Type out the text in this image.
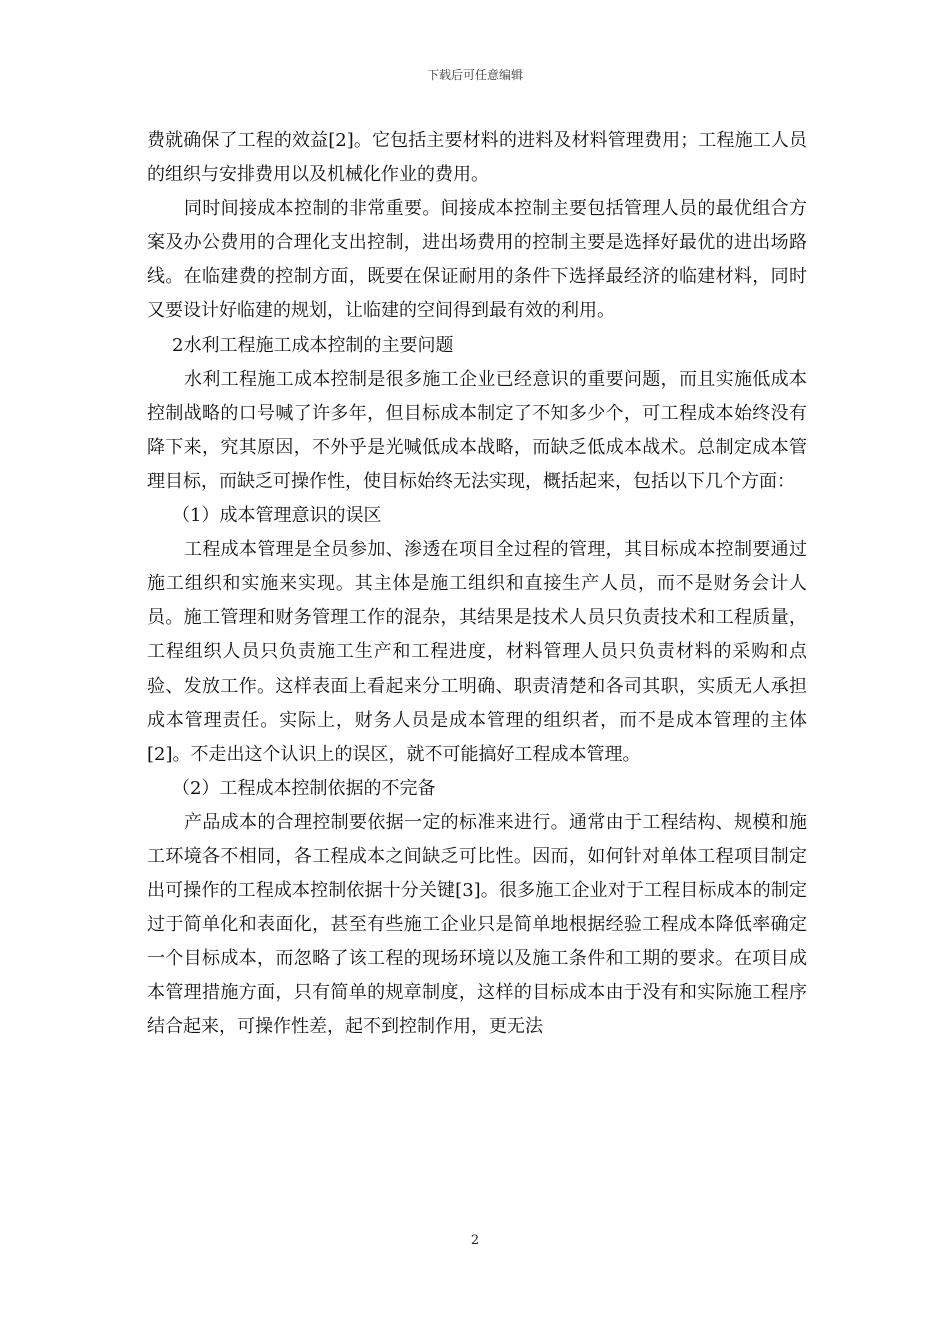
下载后可任意编辑

费就确保了工程的效益[2]。它包括主要材料的进料及材料管理费用；工程施工人员的组织与安排费用以及机械化作业的费用。

同时间接成本控制的非常重要。间接成本控制主要包括管理人员的最优组合方案及办公费用的合理化支出控制，进出场费用的控制主要是选择好最优的进出场路线。在临建费的控制方面，既要在保证耐用的条件下选择最经济的临建材料，同时又要设计好临建的规划，让临建的空间得到最有效的利用。

2水利工程施工成本控制的主要问题

水利工程施工成本控制是很多施工企业已经意识的重要问题，而且实施低成本控制战略的口号喊了许多年，但目标成本制定了不知多少个，可工程成本始终没有降下来，究其原因，不外乎是光喊低成本战略，而缺乏低成本战术。总制定成本管理目标，而缺乏可操作性，使目标始终无法实现，概括起来，包括以下几个方面：

（1）成本管理意识的误区

工程成本管理是全员参加、渗透在项目全过程的管理，其目标成本控制要通过施工组织和实施来实现。其主体是施工组织和直接生产人员，而不是财务会计人员。施工管理和财务管理工作的混杂，其结果是技术人员只负责技术和工程质量，工程组织人员只负责施工生产和工程进度，材料管理人员只负责材料的采购和点验、发放工作。这样表面上看起来分工明确、职责清楚和各司其职，实质无人承担成本管理责任。实际上，财务人员是成本管理的组织者，而不是成本管理的主体[2]。不走出这个认识上的误区，就不可能搞好工程成本管理。

（2）工程成本控制依据的不完备

产品成本的合理控制要依据一定的标准来进行。通常由于工程结构、规模和施工环境各不相同，各工程成本之间缺乏可比性。因而，如何针对单体工程项目制定出可操作的工程成本控制依据十分关键[3]。很多施工企业对于工程目标成本的制定过于简单化和表面化，甚至有些施工企业只是简单地根据经验工程成本降低率确定一个目标成本，而忽略了该工程的现场环境以及施工条件和工期的要求。在项目成本管理措施方面，只有简单的规章制度，这样的目标成本由于没有和实际施工程序结合起来，可操作性差，起不到控制作用，更无法

2
